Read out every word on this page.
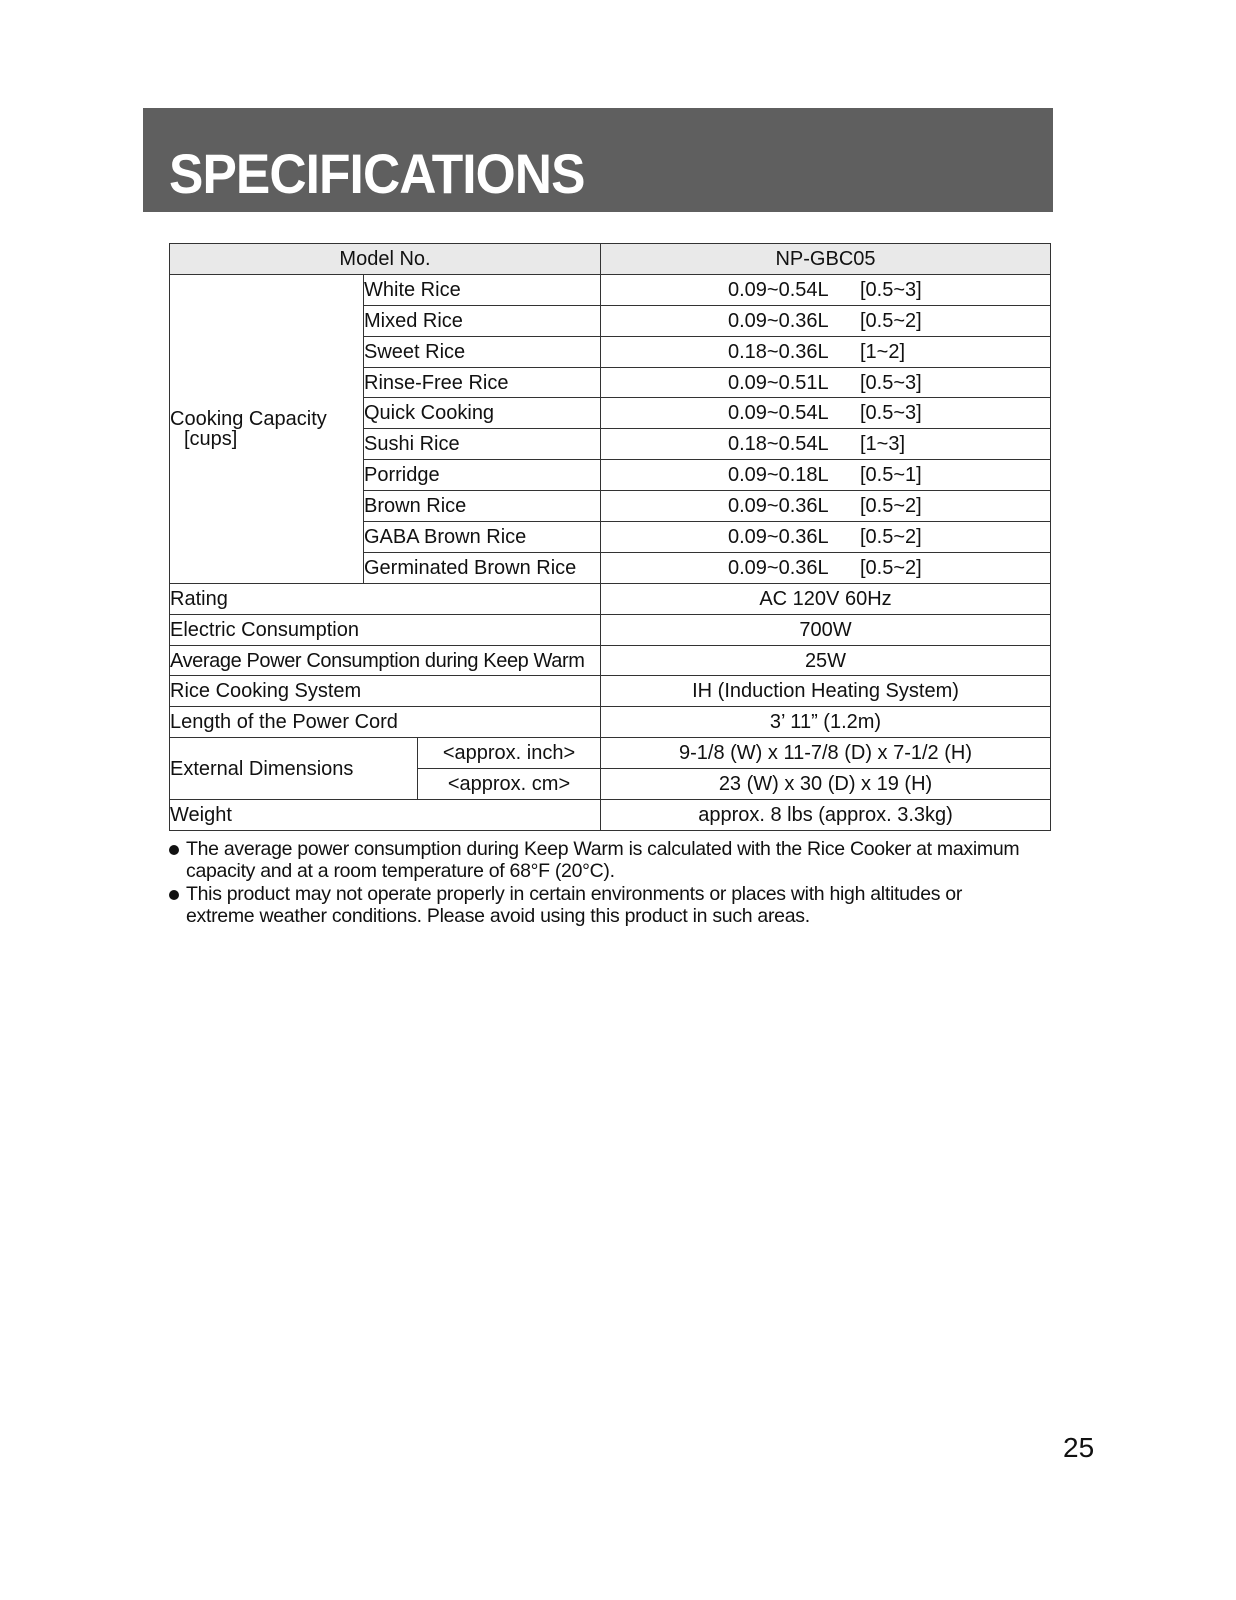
SPECIFICATIONS
Model No.			NP-GBC05
Cooking Capacity
[cups]	White Rice		0.09~0.54L [0.5~3]

	Mixed Rice		0.09~0.36L [0.5~2]

	Sweet Rice		0.18~0.36L [1~2]

	Rinse-Free Rice		0.09~0.51L [0.5~3]

	Quick Cooking		0.09~0.54L [0.5~3]

	Sushi Rice		0.18~0.54L [1~3]

	Porridge		0.09~0.18L [0.5~1]

	Brown Rice		0.09~0.36L [0.5~2]

	GABA Brown Rice		0.09~0.36L [0.5~2]

	Germinated Brown Rice		0.09~0.36L [0.5~2]

Rating			AC 120V 60Hz
Electric Consumption			700W
Average Power Consumption during Keep Warm			25W
Rice Cooking System			IH (Induction Heating System)
Length of the Power Cord			3’ 11” (1.2m)
External Dimensions		<approx. inch>	9-1/8 (W) x 11-7/8 (D) x 7-1/2 (H)
		<approx. cm>	23 (W) x 30 (D) x 19 (H)
Weight			approx. 8 lbs (approx. 3.3kg)
The average power consumption during Keep Warm is calculated with the Rice Cooker at maximum capacity and at a room temperature of 68°F (20°C).
This product may not operate properly in certain environments or places with high altitudes or extreme weather conditions. Please avoid using this product in such areas.
25
